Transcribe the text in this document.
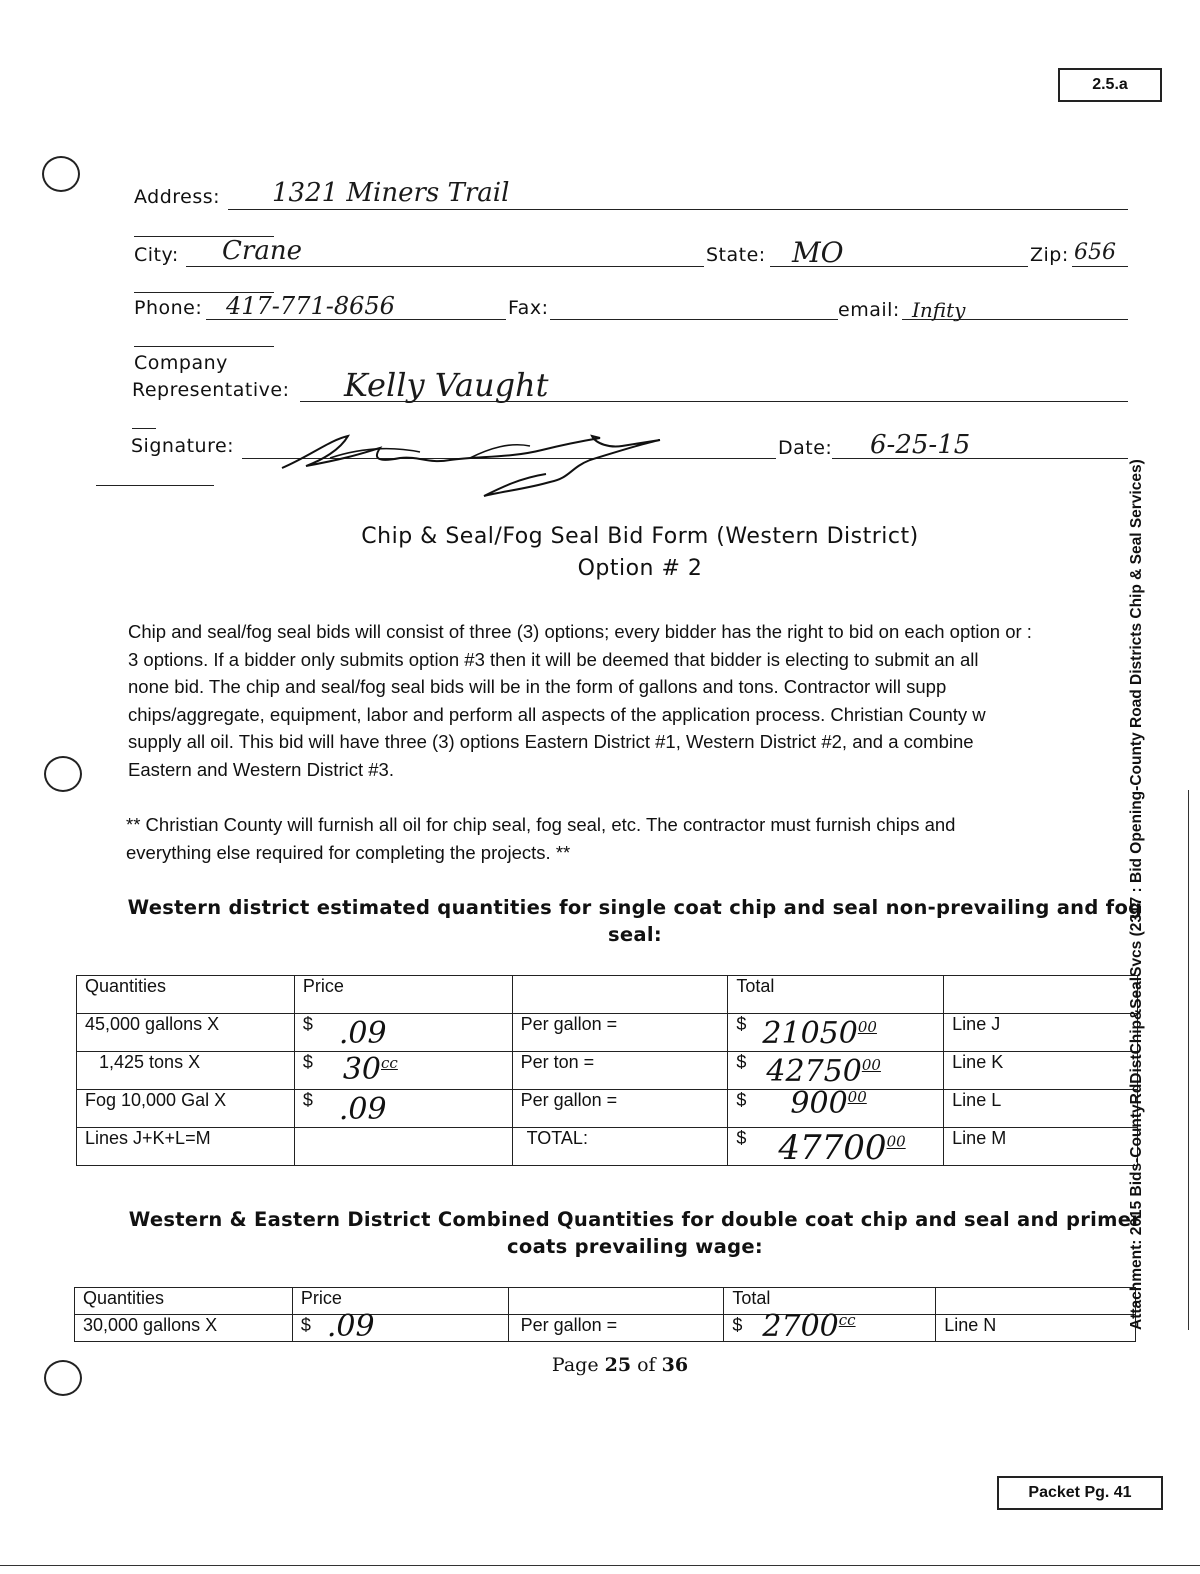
2.5.a
Address: 1321 Miners Trail
City: Crane	State: MO	Zip: 656
Phone: 417-771-8656	Fax:	email: Infity
Company
Representative: Kelly Vaught
Signature:	Date: 6-25-15
Chip & Seal/Fog Seal Bid Form (Western District)
Option # 2
Chip and seal/fog seal bids will consist of three (3) options; every bidder has the right to bid on each option or :
3 options. If a bidder only submits option #3 then it will be deemed that bidder is electing to submit an all
none bid. The chip and seal/fog seal bids will be in the form of gallons and tons. Contractor will supp
chips/aggregate, equipment, labor and perform all aspects of the application process. Christian County w
supply all oil. This bid will have three (3) options Eastern District #1, Western District #2, and a combine
Eastern and Western District #3.
** Christian County will furnish all oil for chip seal, fog seal, etc. The contractor must furnish chips and
everything else required for completing the projects. **
Western district estimated quantities for single coat chip and seal non-prevailing and fog
seal:
Quantities	Price		Total	
45,000 gallons X	$ .09	Per gallon =	$ 21050$^{00}$	Line J
1,425 tons X	$ $30^{cc}$	Per ton =	$ 42750$^{00}$	Line K
Fog 10,000 Gal X	$ .09	Per gallon =	$ $900^{00}$	Line L
Lines J+K+L=M		TOTAL:	$ 47700$^{00}$	Line M
Western & Eastern District Combined Quantities for double coat chip and seal and primer
coats prevailing wage:
Quantities	Price		Total	
30,000 gallons X	$ .09	Per gallon =	$ $2700^{cc}$	Line N
Page 25 of 36
Packet Pg. 41
Attachment: 2015 Bids-CountyRdDistChip&SealSvcs (2317 : Bid Opening-County Road Districts Chip & Seal Services)
